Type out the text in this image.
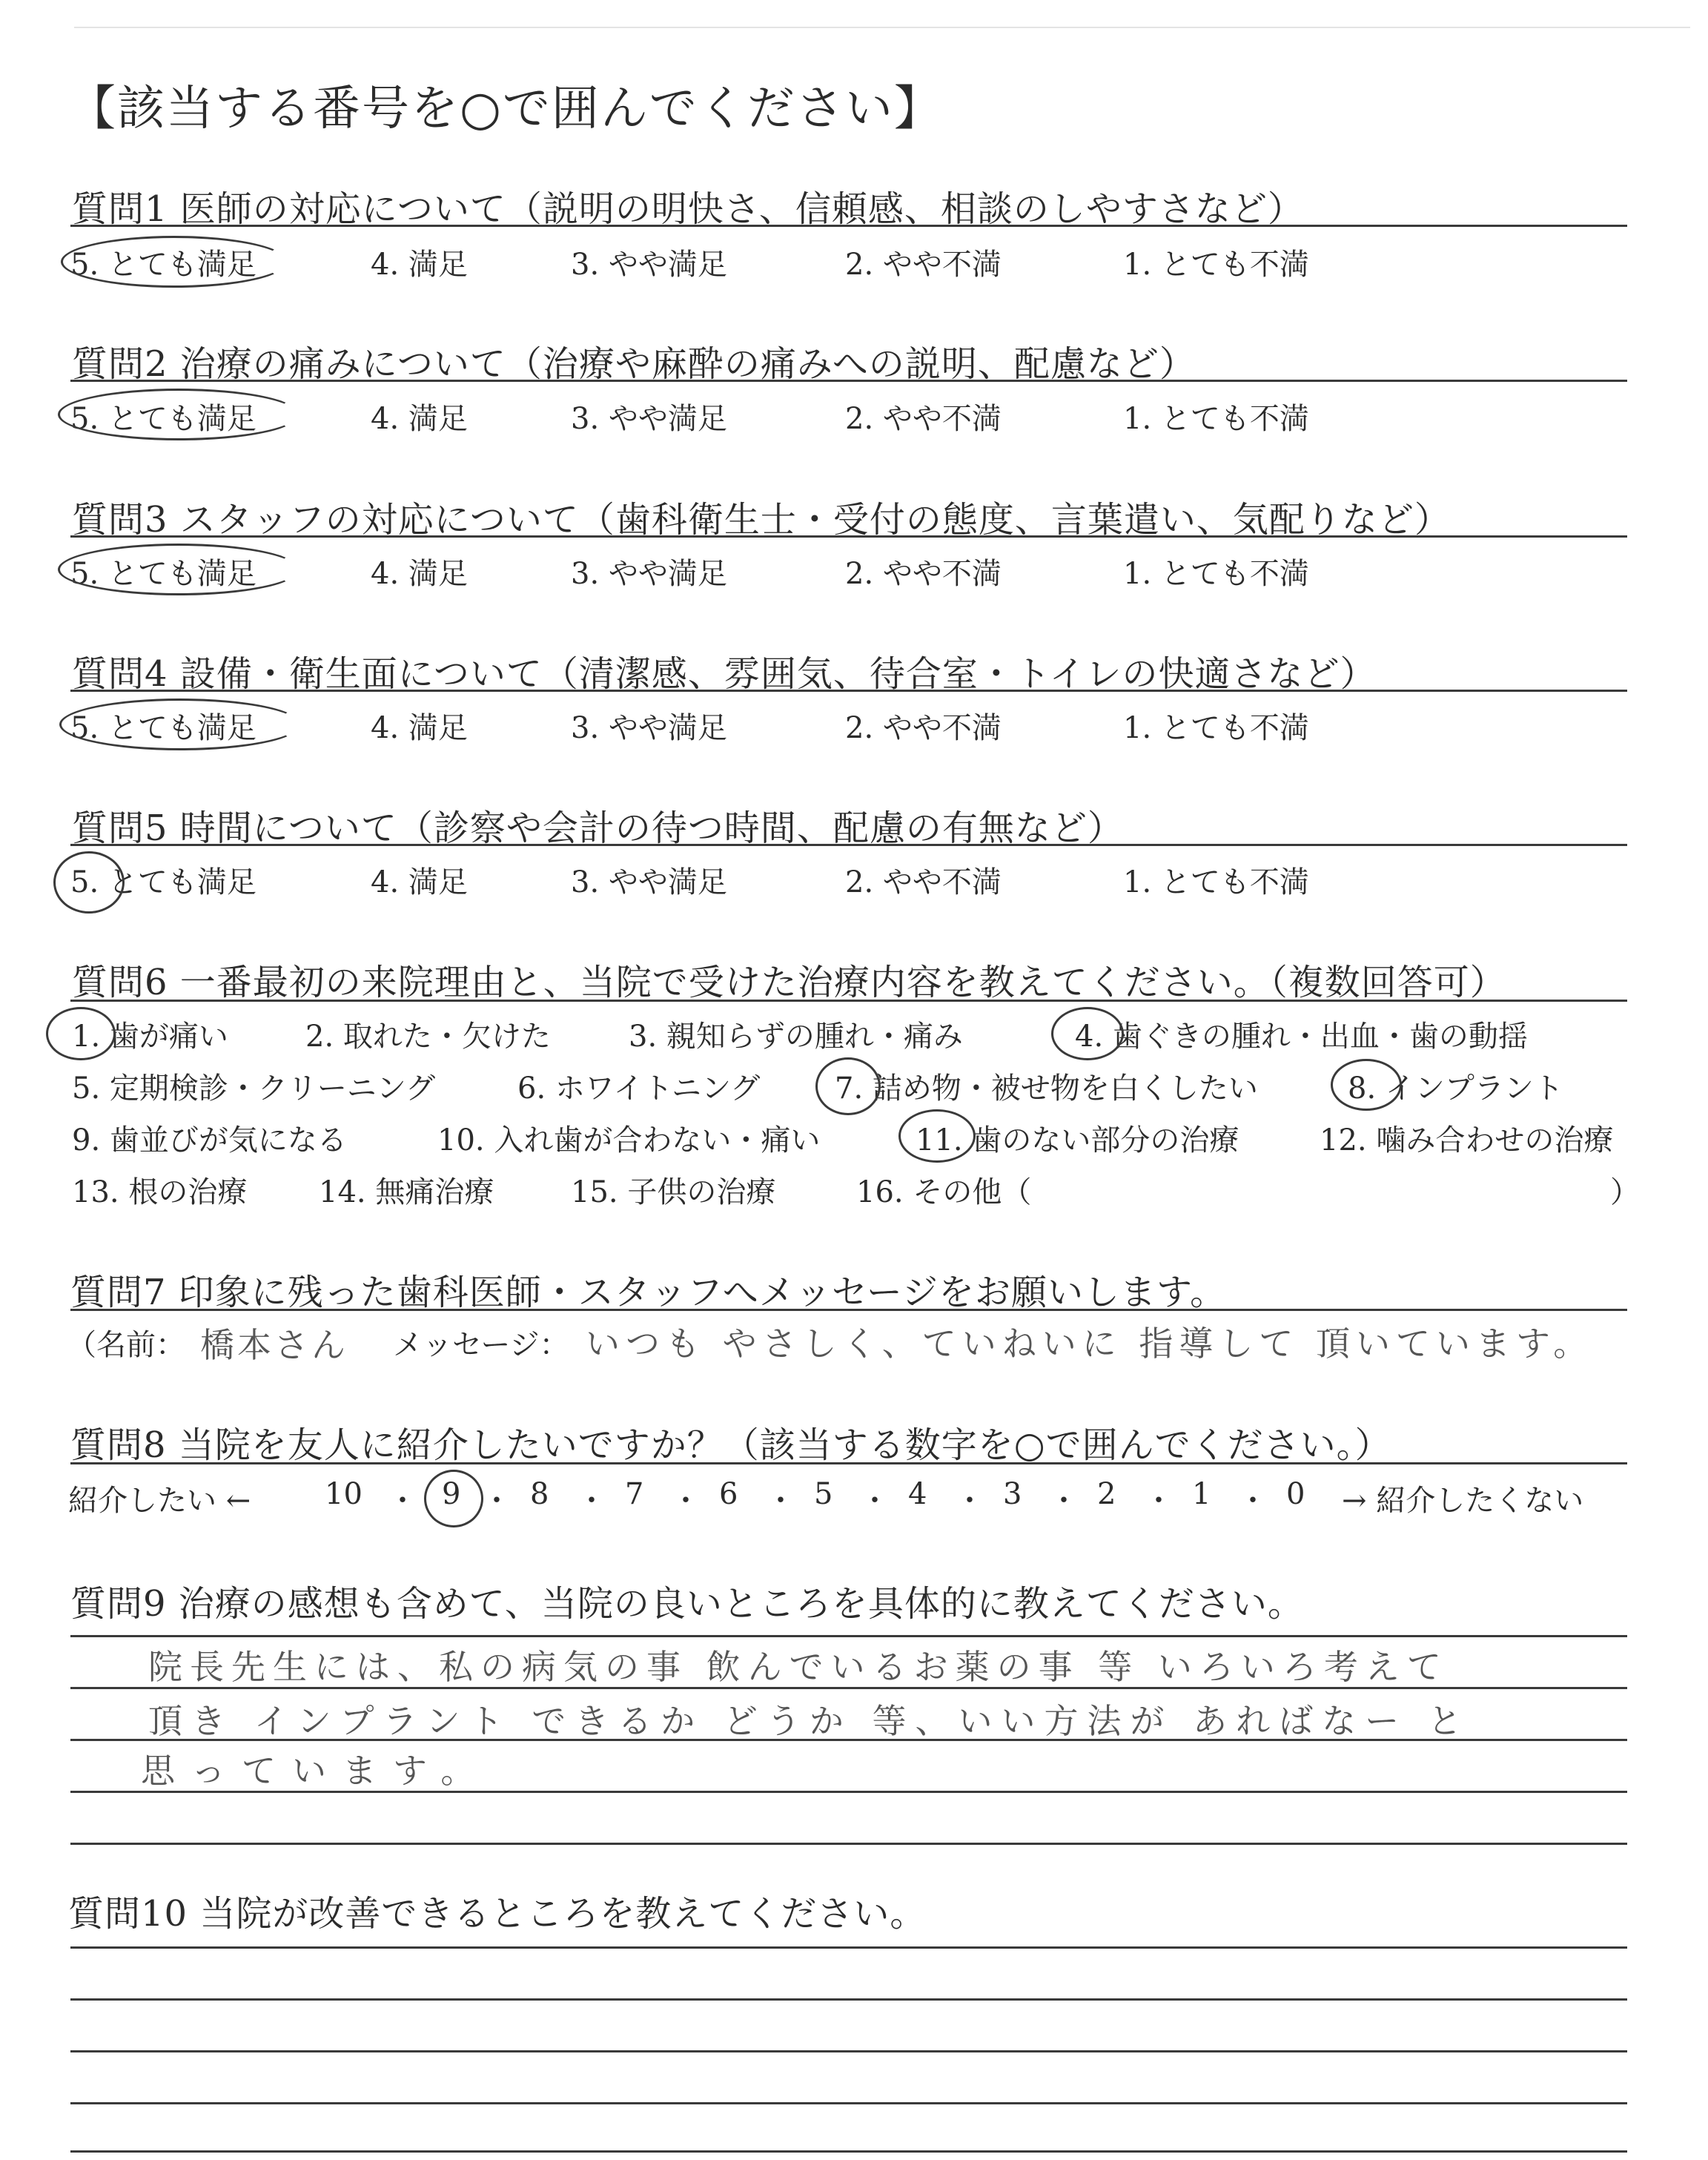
【該当する番号を○で囲んでください】
質問1 医師の対応について（説明の明快さ、信頼感、相談のしやすさなど）
5. とても満足	4. 満足	3. やや満足	2. やや不満	1. とても不満
質問2 治療の痛みについて（治療や麻酔の痛みへの説明、配慮など）
5. とても満足	4. 満足	3. やや満足	2. やや不満	1. とても不満
質問3 スタッフの対応について（歯科衛生士・受付の態度、言葉遣い、気配りなど）
5. とても満足	4. 満足	3. やや満足	2. やや不満	1. とても不満
質問4 設備・衛生面について（清潔感、雰囲気、待合室・トイレの快適さなど）
5. とても満足	4. 満足	3. やや満足	2. やや不満	1. とても不満
質問5 時間について（診察や会計の待つ時間、配慮の有無など）
5. とても満足	4. 満足	3. やや満足	2. やや不満	1. とても不満
質問6 一番最初の来院理由と、当院で受けた治療内容を教えてください。（複数回答可）
1. 歯が痛い	2. 取れた・欠けた	3. 親知らずの腫れ・痛み	4. 歯ぐきの腫れ・出血・歯の動揺
5. 定期検診・クリーニング	6. ホワイトニング	7. 詰め物・被せ物を白くしたい	8. インプラント
9. 歯並びが気になる	10. 入れ歯が合わない・痛い	11. 歯のない部分の治療	12. 噛み合わせの治療
13. 根の治療 14. 無痛治療	15. 子供の治療	16. その他（	）
質問7 印象に残った歯科医師・スタッフへメッセージをお願いします。
（名前： 橋本さん メッセージ： いつも やさしく、ていねいに 指導して 頂いています。
質問8 当院を友人に紹介したいですか？（該当する数字を○で囲んでください。）
紹介したい ← 10 ・ 9 ・ 8 ・ 7 ・ 6 ・ 5 ・ 4 ・ 3 ・ 2 ・ 1 ・ 0 → 紹介したくない
質問9 治療の感想も含めて、当院の良いところを具体的に教えてください。
院長先生には、私の病気の事 飲んでいるお薬の事 等 いろいろ考えて
頂き インプラント できるか どうか 等、いい方法が あればなー と
思っています。
質問10 当院が改善できるところを教えてください。
